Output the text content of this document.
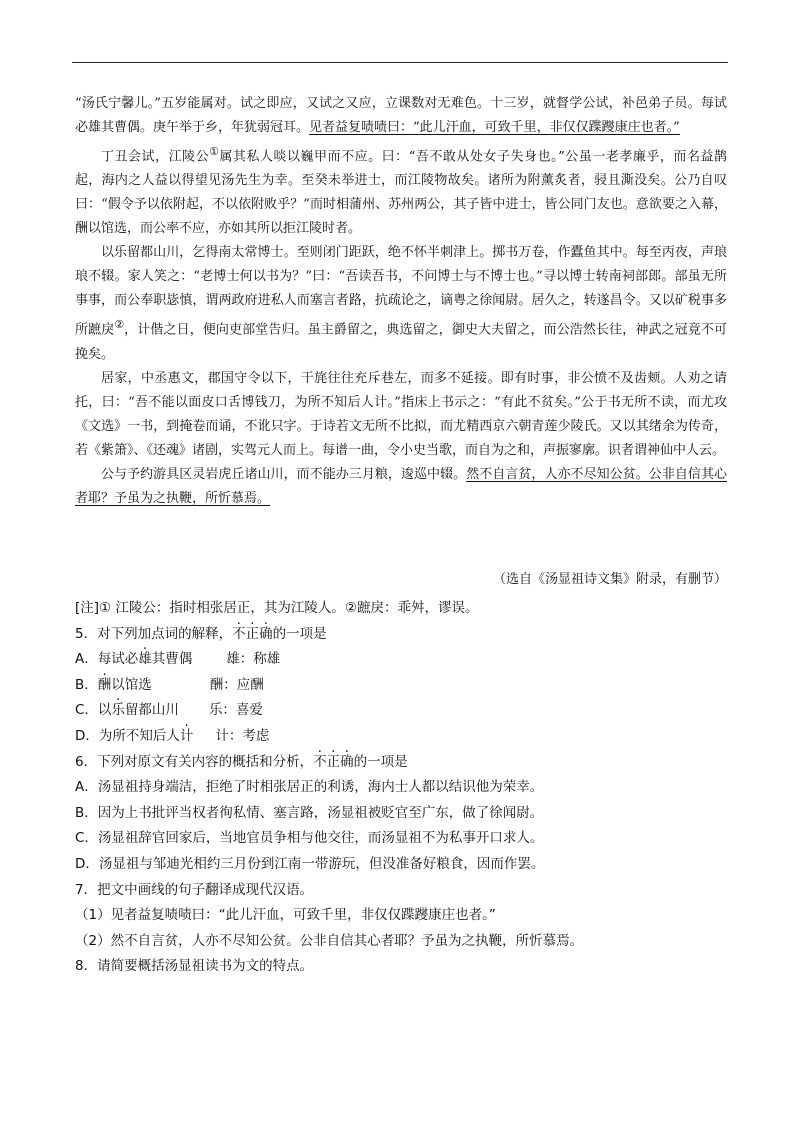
“汤氏宁馨儿。”五岁能属对。试之即应，又试之又应，立课数对无难色。十三岁，就督学公试，补邑弟子员。每试必雄其曹偶。庚午举于乡，年犹弱冠耳。见者益复啧啧曰：“此儿汗血，可致千里，非仅仅蹀躞康庄也者。”

丁丑会试，江陵公①属其私人啖以巍甲而不应。曰：“吾不敢从处女子失身也。”公虽一老孝廉乎，而名益鹊起，海内之人益以得望见汤先生为幸。至癸未举进士，而江陵物故矣。诸所为附薰炙者，骎且澌没矣。公乃自叹曰：“假令予以依附起，不以依附败乎？”而时相蒲州、苏州两公，其子皆中进士，皆公同门友也。意欲要之入幕，酬以馆选，而公率不应，亦如其所以拒江陵时者。

以乐留都山川，乞得南太常博士。至则闭门距跃，绝不怀半刺津上。掷书万卷，作蠹鱼其中。每至丙夜，声琅琅不辍。家人笑之：“老博士何以书为？”曰：“吾读吾书，不问博士与不博士也。”寻以博士转南祠部郎。部虽无所事事，而公奉职毖慎，谓两政府进私人而塞言者路，抗疏论之，谪粤之徐闻尉。居久之，转遂昌令。又以矿税事多所蹠戾②，计偕之日，便向吏部堂告归。虽主爵留之，典选留之，御史大夫留之，而公浩然长往，神武之冠竟不可挽矣。

居家，中丞惠文，郡国守令以下，干旄往往充斥巷左，而多不延接。即有时事，非公愤不及齿颊。人劝之请托，曰：“吾不能以面皮口舌博钱刀，为所不知后人计。”指床上书示之：“有此不贫矣。”公于书无所不读，而尤攻《文选》一书，到掩卷而诵，不讹只字。于诗若文无所不比拟，而尤精西京六朝青莲少陵氏。又以其绪余为传奇，若《紫箫》、《还魂》诸剧，实驾元人而上。每谱一曲，令小史当歌，而自为之和，声振寥廓。识者谓神仙中人云。

公与予约游具区灵岩虎丘诸山川，而不能办三月粮，逡巡中辍。然不自言贫，人亦不尽知公贫。公非自信其心者耶？予虽为之执鞭，所忻慕焉。

（选自《汤显祖诗文集》附录，有删节）

[注]① 江陵公：指时相张居正，其为江陵人。②蹠戾：乖舛，谬误。

5．对下列加点词的解释，不正确的一项是

A．每试必雄其曹偶	雄：称雄

B．酬以馆选	酬：应酬

C．以乐留都山川 乐：喜爱

D．为所不知后人计 计：考虑

6．下列对原文有关内容的概括和分析，不正确的一项是

A．汤显祖持身端洁，拒绝了时相张居正的利诱，海内士人都以结识他为荣幸。

B．因为上书批评当权者徇私情、塞言路，汤显祖被贬官至广东，做了徐闻尉。

C．汤显祖辞官回家后，当地官员争相与他交往，而汤显祖不为私事开口求人。

D．汤显祖与邹迪光相约三月份到江南一带游玩，但没准备好粮食，因而作罢。

7．把文中画线的句子翻译成现代汉语。

（1）见者益复啧啧曰：“此儿汗血，可致千里，非仅仅蹀躞康庄也者。”

（2）然不自言贫，人亦不尽知公贫。公非自信其心者耶？予虽为之执鞭，所忻慕焉。

8．请简要概括汤显祖读书为文的特点。
